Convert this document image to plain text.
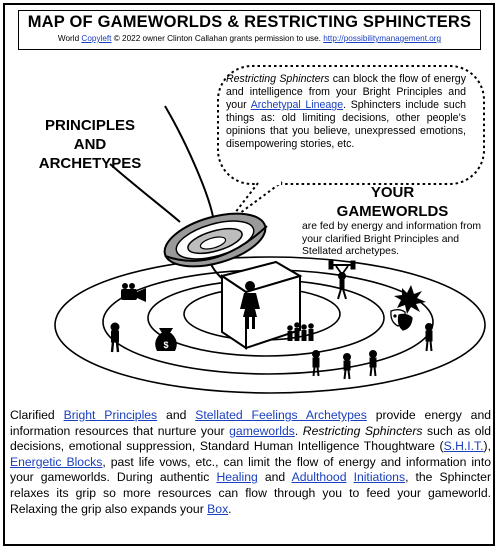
MAP OF GAMEWORLDS & RESTRICTING SPHINCTERS
World Copyleft © 2022 owner Clinton Callahan grants permission to use. http://possibilitymanagement.org
$
Restricting Sphincters can block the flow of energy and intelligence from your Bright Principles and your Archetypal Lineage. Sphincters include such things as: old limiting decisions, other people’s opinions that you believe, unexpressed emotions, disempowering stories, etc.
PRINCIPLES
AND
ARCHETYPES
YOUR
GAMEWORLDS
are fed by energy and information from your clarified Bright Principles and Stellated archetypes.
Clarified Bright Principles and Stellated Feelings Archetypes provide energy and information resources that nurture your gameworlds. Restricting Sphincters such as old decisions, emotional suppression, Standard Human Intelligence Thoughtware (S.H.I.T.), Energetic Blocks, past life vows, etc., can limit the flow of energy and information into your gameworlds. During authentic Healing and Adulthood Initiations, the Sphincter relaxes its grip so more resources can flow through you to feed your gameworld. Relaxing the grip also expands your Box.
